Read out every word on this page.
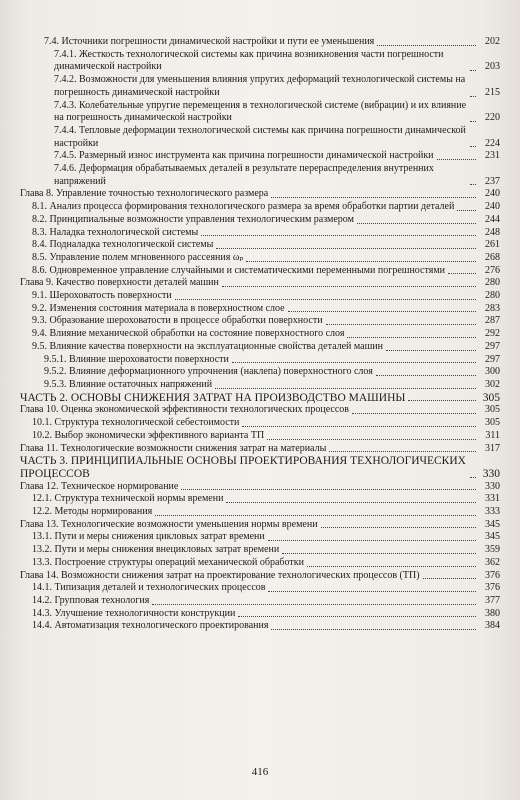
7.4. Источники погрешности динамической настройки и пути ее уменьшения	202
7.4.1. Жесткость технологической системы как причина возникновения части погрешности динамической настройки	203
7.4.2. Возможности для уменьшения влияния упругих деформаций технологической системы на погрешность динамической настройки	215
7.4.3. Колебательные упругие перемещения в технологической системе (вибрации) и их влияние на погрешность динамической настройки	220
7.4.4. Тепловые деформации технологической системы как причина погрешности динамической настройки	224
7.4.5. Размерный износ инструмента как причина погрешности динамической настройки	231
7.4.6. Деформация обрабатываемых деталей в результате перераспределения внутренних напряжений	237
Глава 8. Управление точностью технологического размера	240
8.1. Анализ процесса формирования технологического размера за время обработки партии деталей	240
8.2. Принципиальные возможности управления технологическим размером	244
8.3. Наладка технологической системы	248
8.4. Подналадка технологической системы	261
8.5. Управление полем мгновенного рассеяния ωₚ	268
8.6. Одновременное управление случайными и систематическими переменными погрешностями	276
Глава 9. Качество поверхности деталей машин	280
9.1. Шероховатость поверхности	280
9.2. Изменения состояния материала в поверхностном слое	283
9.3. Образование шероховатости в процессе обработки поверхности	287
9.4. Влияние механической обработки на состояние поверхностного слоя	292
9.5. Влияние качества поверхности на эксплуатационные свойства деталей машин	297
9.5.1. Влияние шероховатости поверхности	297
9.5.2. Влияние деформационного упрочнения (наклепа) поверхностного слоя	300
9.5.3. Влияние остаточных напряжений	302
ЧАСТЬ 2. ОСНОВЫ СНИЖЕНИЯ ЗАТРАТ НА ПРОИЗВОДСТВО МАШИНЫ	305
Глава 10. Оценка экономической эффективности технологических процессов	305
10.1. Структура технологической себестоимости	305
10.2. Выбор экономически эффективного варианта ТП	311
Глава 11. Технологические возможности снижения затрат на материалы	317
ЧАСТЬ 3. ПРИНЦИПИАЛЬНЫЕ ОСНОВЫ ПРОЕКТИРОВАНИЯ ТЕХНОЛОГИЧЕСКИХ ПРОЦЕССОВ	330
Глава 12. Техническое нормирование	330
12.1. Структура технической нормы времени	331
12.2. Методы нормирования	333
Глава 13. Технологические возможности уменьшения нормы времени	345
13.1. Пути и меры снижения цикловых затрат времени	345
13.2. Пути и меры снижения внецикловых затрат времени	359
13.3. Построение структуры операций механической обработки	362
Глава 14. Возможности снижения затрат на проектирование технологических процессов (ТП)	376
14.1. Типизация деталей и технологических процессов	376
14.2. Групповая технология	377
14.3. Улучшение технологичности конструкции	380
14.4. Автоматизация технологического проектирования	384
416
